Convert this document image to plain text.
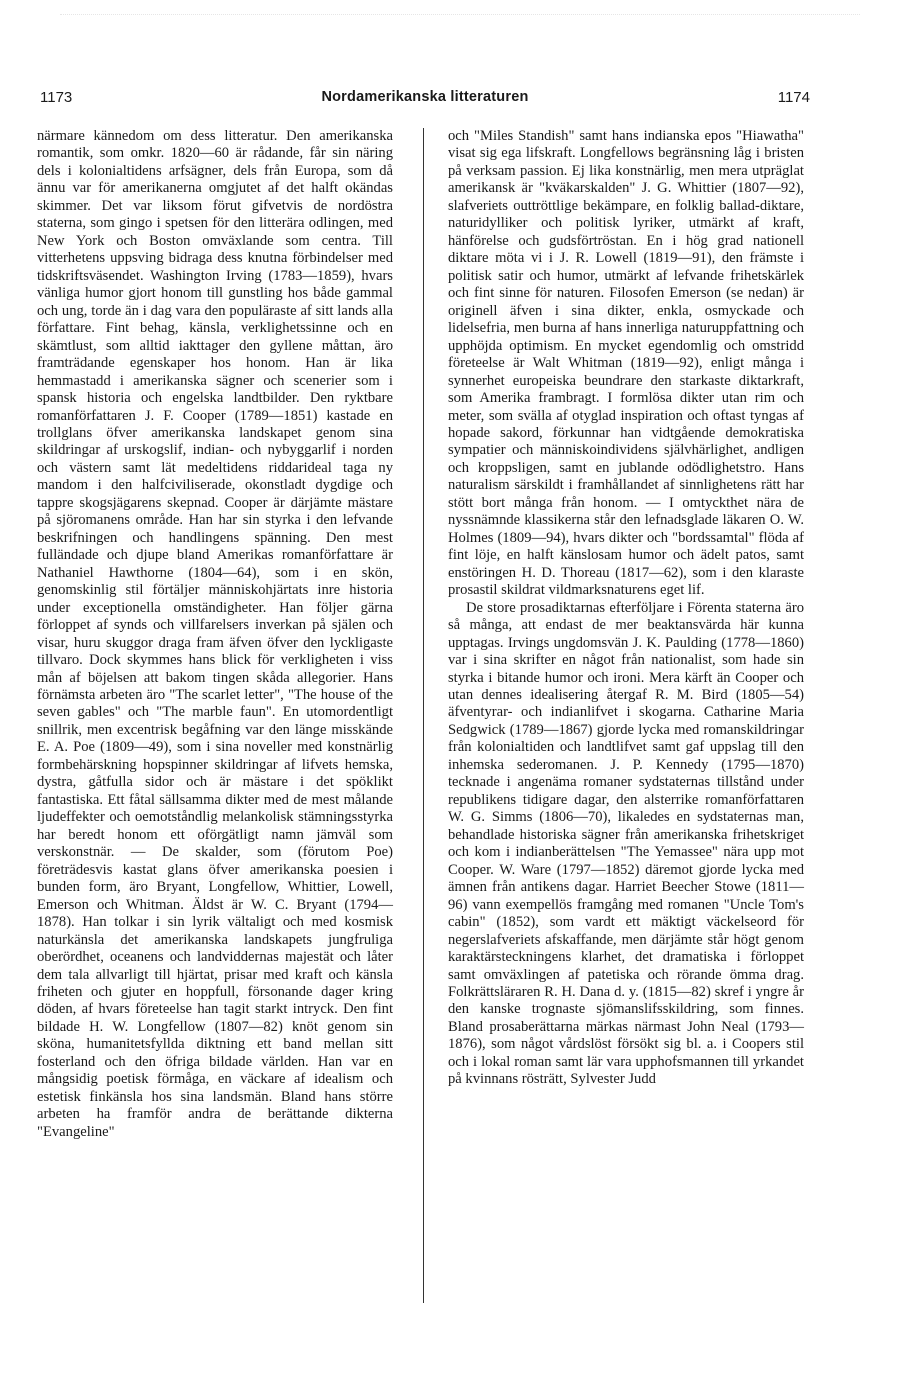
1173	Nordamerikanska litteraturen	1174

närmare kännedom om dess litteratur. Den amerikanska romantik, som omkr. 1820—60 är rådande, får sin näring dels i kolonialtidens arfsägner, dels från Europa, som då ännu var för amerikanerna omgjutet af det halft okändas skimmer. Det var liksom förut gifvetvis de nordöstra staterna, som gingo i spetsen för den litterära odlingen, med New York och Boston omväxlande som centra. Till vitterhetens uppsving bidraga dess knutna förbindelser med tidskriftsväsendet. Washington Irving (1783—1859), hvars vänliga humor gjort honom till gunstling hos både gammal och ung, torde än i dag vara den populäraste af sitt lands alla författare. Fint behag, känsla, verklighetssinne och en skämtlust, som alltid iakttager den gyllene måttan, äro framträdande egenskaper hos honom. Han är lika hemmastadd i amerikanska sägner och scenerier som i spansk historia och engelska landtbilder. Den ryktbare romanförfattaren J. F. Cooper (1789—1851) kastade en trollglans öfver amerikanska landskapet genom sina skildringar af urskogslif, indian- och nybyggarlif i norden och västern samt lät medeltidens riddarideal taga ny mandom i den halfciviliserade, okonstladt dygdige och tappre skogsjägarens skepnad. Cooper är därjämte mästare på sjöromanens område. Han har sin styrka i den lefvande beskrifningen och handlingens spänning. Den mest fulländade och djupe bland Amerikas romanförfattare är Nathaniel Hawthorne (1804—64), som i en skön, genomskinlig stil förtäljer människohjärtats inre historia under exceptionella omständigheter. Han följer gärna förloppet af synds och villfarelsers inverkan på själen och visar, huru skuggor draga fram äfven öfver den lyckligaste tillvaro. Dock skymmes hans blick för verkligheten i viss mån af böjelsen att bakom tingen skåda allegorier. Hans förnämsta arbeten äro "The scarlet letter", "The house of the seven gables" och "The marble faun". En utomordentligt snillrik, men excentrisk begåfning var den länge misskände E. A. Poe (1809—49), som i sina noveller med konstnärlig formbehärskning hopspinner skildringar af lifvets hemska, dystra, gåtfulla sidor och är mästare i det spöklikt fantastiska. Ett fåtal sällsamma dikter med de mest målande ljudeffekter och oemotståndlig melankolisk stämningsstyrka har beredt honom ett oförgätligt namn jämväl som verskonstnär. — De skalder, som (förutom Poe) företrädesvis kastat glans öfver amerikanska poesien i bunden form, äro Bryant, Longfellow, Whittier, Lowell, Emerson och Whitman. Äldst är W. C. Bryant (1794—1878). Han tolkar i sin lyrik vältaligt och med kosmisk naturkänsla det amerikanska landskapets jungfruliga oberördhet, oceanens och landviddernas majestät och låter dem tala allvarligt till hjärtat, prisar med kraft och känsla friheten och gjuter en hoppfull, försonande dager kring döden, af hvars företeelse han tagit starkt intryck. Den fint bildade H. W. Longfellow (1807—82) knöt genom sin sköna, humanitetsfyllda diktning ett band mellan sitt fosterland och den öfriga bildade världen. Han var en mångsidig poetisk förmåga, en väckare af idealism och estetisk finkänsla hos sina landsmän. Bland hans större arbeten ha framför andra de berättande dikterna "Evangeline"

och "Miles Standish" samt hans indianska epos "Hiawatha" visat sig ega lifskraft. Longfellows begränsning låg i bristen på verksam passion. Ej lika konstnärlig, men mera utpräglat amerikansk är "kväkarskalden" J. G. Whittier (1807—92), slafveriets outtröttlige bekämpare, en folklig ballad-diktare, naturidylliker och politisk lyriker, utmärkt af kraft, hänförelse och gudsförtröstan. En i hög grad nationell diktare möta vi i J. R. Lowell (1819—91), den främste i politisk satir och humor, utmärkt af lefvande frihetskärlek och fint sinne för naturen. Filosofen Emerson (se nedan) är originell äfven i sina dikter, enkla, osmyckade och lidelsefria, men burna af hans innerliga naturuppfattning och upphöjda optimism. En mycket egendomlig och omstridd företeelse är Walt Whitman (1819—92), enligt många i synnerhet europeiska beundrare den starkaste diktarkraft, som Amerika frambragt. I formlösa dikter utan rim och meter, som svälla af otyglad inspiration och oftast tyngas af hopade sakord, förkunnar han vidtgående demokratiska sympatier och människoindividens självhärlighet, andligen och kroppsligen, samt en jublande odödlighetstro. Hans naturalism särskildt i framhållandet af sinnlighetens rätt har stött bort många från honom. — I omtyckthet nära de nyssnämnde klassikerna står den lefnadsglade läkaren O. W. Holmes (1809—94), hvars dikter och "bordssamtal" flöda af fint löje, en halft känslosam humor och ädelt patos, samt enstöringen H. D. Thoreau (1817—62), som i den klaraste prosastil skildrat vildmarksnaturens eget lif.

De store prosadiktarnas efterföljare i Förenta staterna äro så många, att endast de mer beaktansvärda här kunna upptagas. Irvings ungdomsvän J. K. Paulding (1778—1860) var i sina skrifter en något från nationalist, som hade sin styrka i bitande humor och ironi. Mera kärft än Cooper och utan dennes idealisering återgaf R. M. Bird (1805—54) äfventyrar- och indianlifvet i skogarna. Catharine Maria Sedgwick (1789—1867) gjorde lycka med romanskildringar från kolonialtiden och landtlifvet samt gaf uppslag till den inhemska sederomanen. J. P. Kennedy (1795—1870) tecknade i angenäma romaner sydstaternas tillstånd under republikens tidigare dagar, den alsterrike romanförfattaren W. G. Simms (1806—70), likaledes en sydstaternas man, behandlade historiska sägner från amerikanska frihetskriget och kom i indianberättelsen "The Yemassee" nära upp mot Cooper. W. Ware (1797—1852) däremot gjorde lycka med ämnen från antikens dagar. Harriet Beecher Stowe (1811—96) vann exempellös framgång med romanen "Uncle Tom's cabin" (1852), som vardt ett mäktigt väckelseord för negerslafveriets afskaffande, men därjämte står högt genom karaktärsteckningens klarhet, det dramatiska i förloppet samt omväxlingen af patetiska och rörande ömma drag. Folkrättsläraren R. H. Dana d. y. (1815—82) skref i yngre år den kanske trognaste sjömanslifsskildring, som finnes. Bland prosaberättarna märkas närmast John Neal (1793—1876), som något vårdslöst försökt sig bl. a. i Coopers stil och i lokal roman samt lär vara upphofsmannen till yrkandet på kvinnans rösträtt, Sylvester Judd
